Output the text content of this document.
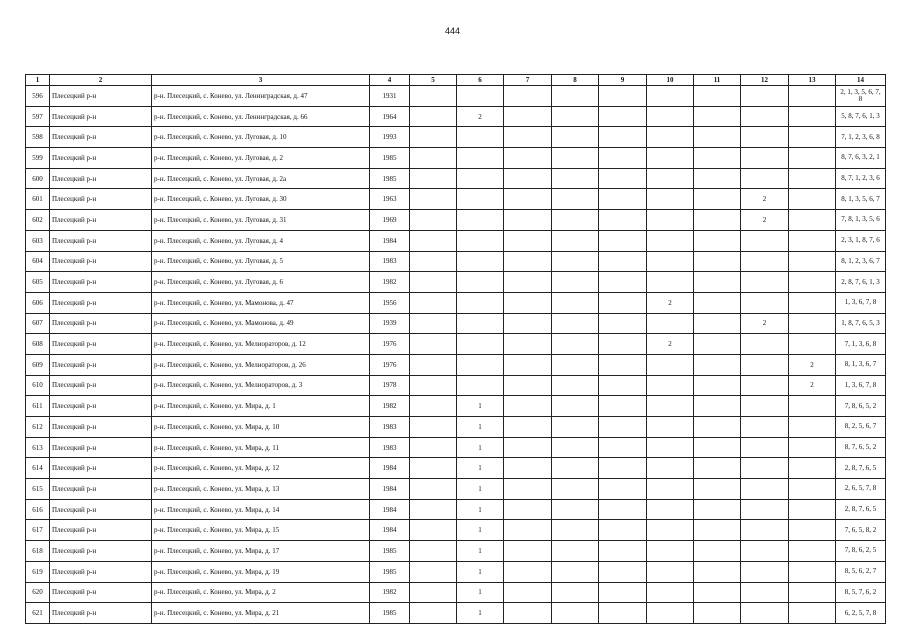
444
1	2	3	4	5	6	7	8	9	10	11	12	13	14
596	Плесецкий р-н	р-н. Плесецкий, с. Конево, ул. Ленинградская, д. 47	1931										2, 1, 3, 5, 6, 7, 8
597	Плесецкий р-н	р-н. Плесецкий, с. Конево, ул. Ленинградская, д. 66	1964		2								5, 8, 7, 6, 1, 3
598	Плесецкий р-н	р-н. Плесецкий, с. Конево, ул. Луговая, д. 10	1993										7, 1, 2, 3, 6, 8
599	Плесецкий р-н	р-н. Плесецкий, с. Конево, ул. Луговая, д. 2	1985										8, 7, 6, 3, 2, 1
600	Плесецкий р-н	р-н. Плесецкий, с. Конево, ул. Луговая, д. 2а	1985										8, 7, 1, 2, 3, 6
601	Плесецкий р-н	р-н. Плесецкий, с. Конево, ул. Луговая, д. 30	1963								2		8, 1, 3, 5, 6, 7
602	Плесецкий р-н	р-н. Плесецкий, с. Конево, ул. Луговая, д. 31	1969								2		7, 8, 1, 3, 5, 6
603	Плесецкий р-н	р-н. Плесецкий, с. Конево, ул. Луговая, д. 4	1984										2, 3, 1, 8, 7, 6
604	Плесецкий р-н	р-н. Плесецкий, с. Конево, ул. Луговая, д. 5	1983										8, 1, 2, 3, 6, 7
605	Плесецкий р-н	р-н. Плесецкий, с. Конево, ул. Луговая, д. 6	1982										2, 8, 7, 6, 1, 3
606	Плесецкий р-н	р-н. Плесецкий, с. Конево, ул. Мамонова, д. 47	1956						2				1, 3, 6, 7, 8
607	Плесецкий р-н	р-н. Плесецкий, с. Конево, ул. Мамонова, д. 49	1939								2		1, 8, 7, 6, 5, 3
608	Плесецкий р-н	р-н. Плесецкий, с. Конево, ул. Мелиораторов, д. 12	1976						2				7, 1, 3, 6, 8
609	Плесецкий р-н	р-н. Плесецкий, с. Конево, ул. Мелиораторов, д. 26	1976									2	8, 1, 3, 6, 7
610	Плесецкий р-н	р-н. Плесецкий, с. Конево, ул. Мелиораторов, д. 3	1978									2	1, 3, 6, 7, 8
611	Плесецкий р-н	р-н. Плесецкий, с. Конево, ул. Мира, д. 1	1982		1								7, 8, 6, 5, 2
612	Плесецкий р-н	р-н. Плесецкий, с. Конево, ул. Мира, д. 10	1983		1								8, 2, 5, 6, 7
613	Плесецкий р-н	р-н. Плесецкий, с. Конево, ул. Мира, д. 11	1983		1								8, 7, 6, 5, 2
614	Плесецкий р-н	р-н. Плесецкий, с. Конево, ул. Мира, д. 12	1984		1								2, 8, 7, 6, 5
615	Плесецкий р-н	р-н. Плесецкий, с. Конево, ул. Мира, д. 13	1984		1								2, 6, 5, 7, 8
616	Плесецкий р-н	р-н. Плесецкий, с. Конево, ул. Мира, д. 14	1984		1								2, 8, 7, 6, 5
617	Плесецкий р-н	р-н. Плесецкий, с. Конево, ул. Мира, д. 15	1984		1								7, 6, 5, 8, 2
618	Плесецкий р-н	р-н. Плесецкий, с. Конево, ул. Мира, д. 17	1985		1								7, 8, 6, 2, 5
619	Плесецкий р-н	р-н. Плесецкий, с. Конево, ул. Мира, д. 19	1985		1								8, 5, 6, 2, 7
620	Плесецкий р-н	р-н. Плесецкий, с. Конево, ул. Мира, д. 2	1982		1								8, 5, 7, 6, 2
621	Плесецкий р-н	р-н. Плесецкий, с. Конево, ул. Мира, д. 21	1985		1								6, 2, 5, 7, 8
